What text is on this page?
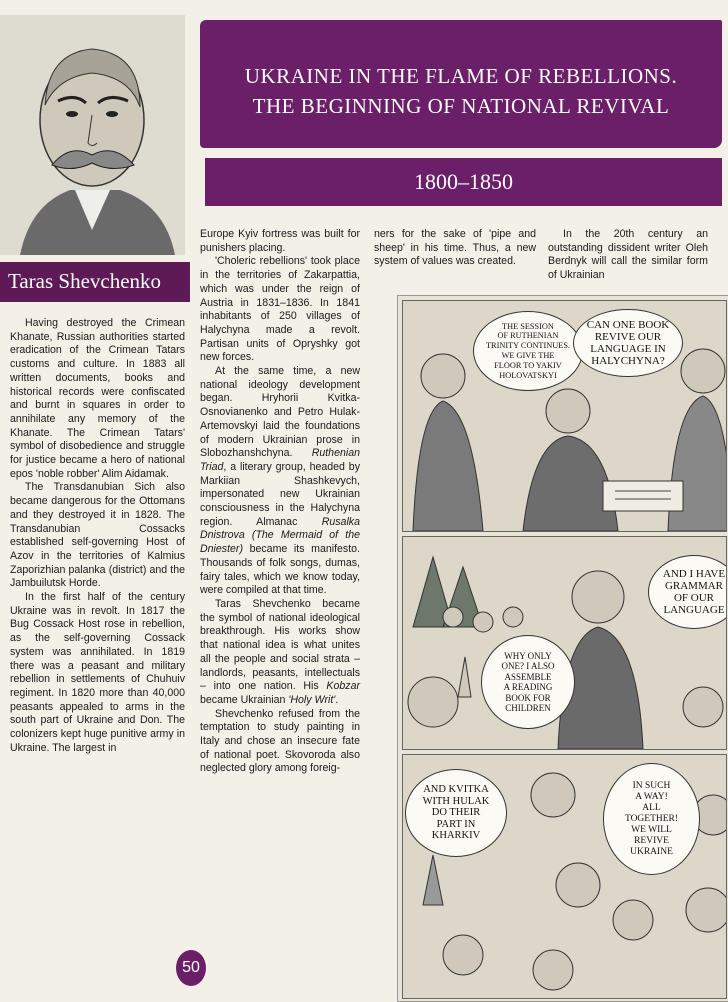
Taras Shevchenko
UKRAINE IN THE FLAME OF REBELLIONS.
THE BEGINNING OF NATIONAL REVIVAL
1800–1850

Having destroyed the Crimean Khanate, Russian authorities started eradication of the Crimean Tatars customs and culture. In 1883 all written documents, books and historical records were confiscated and burnt in squares in order to annihilate any memory of the Khanate. The Crimean Tatars' symbol of disobedience and struggle for justice became a hero of national epos 'noble robber' Alim Aidamak.

The Transdanubian Sich also became dangerous for the Ottomans and they destroyed it in 1828. The Transdanubian Cossacks established self-governing Host of Azov in the territories of Kalmius Zaporizhian palanka (district) and the Jambuilutsk Horde.

In the first half of the century Ukraine was in revolt. In 1817 the Bug Cossack Host rose in rebellion, as the self-governing Cossack system was annihilated. In 1819 there was a peasant and military rebellion in settlements of Chuhuiv regiment. In 1820 more than 40,000 peasants appealed to arms in the south part of Ukraine and Don. The colonizers kept huge punitive army in Ukraine. The largest in

Europe Kyiv fortress was built for punishers placing.

'Choleric rebellions' took place in the territories of Zakarpattia, which was under the reign of Austria in 1831–1836. In 1841 inhabitants of 250 villages of Halychyna made a revolt. Partisan units of Opryshky got new forces.

At the same time, a new national ideology development began. Hryhorii Kvitka-Osnovianenko and Petro Hulak-Artemovskyi laid the foundations of modern Ukrainian prose in Slobozhanshchyna. Ruthenian Triad, a literary group, headed by Markiian Shashkevych, impersonated new Ukrainian consciousness in the Halychyna region. Almanac Rusalka Dnistrova (The Mermaid of the Dniester) became its manifesto. Thousands of folk songs, dumas, fairy tales, which we know today, were compiled at that time.

Taras Shevchenko became the symbol of national ideological breakthrough. His works show that national idea is what unites all the people and social strata – landlords, peasants, intellectuals – into one nation. His Kobzar became Ukrainian 'Holy Writ'.

Shevchenko refused from the temptation to study painting in Italy and chose an insecure fate of national poet. Skovoroda also neglected glory among foreig-

ners for the sake of 'pipe and sheep' in his time. Thus, a new system of values was created.

In the 20th century an outstanding dissident writer Oleh Berdnyk will call the similar form of Ukrainian

THE SESSION
OF RUTHENIAN
TRINITY CONTINUES.
WE GIVE THE
FLOOR TO YAKIV
HOLOVATSKYI
CAN ONE BOOK
REVIVE OUR
LANGUAGE IN
HALYCHYNA?
AND I HAVE
GRAMMAR
OF OUR
LANGUAGE
WHY ONLY
ONE? I ALSO
ASSEMBLE
A READING
BOOK FOR
CHILDREN
AND KVITKA
WITH HULAK
DO THEIR
PART IN
KHARKIV
IN SUCH
A WAY!
ALL
TOGETHER!
WE WILL
REVIVE
UKRAINE
50
